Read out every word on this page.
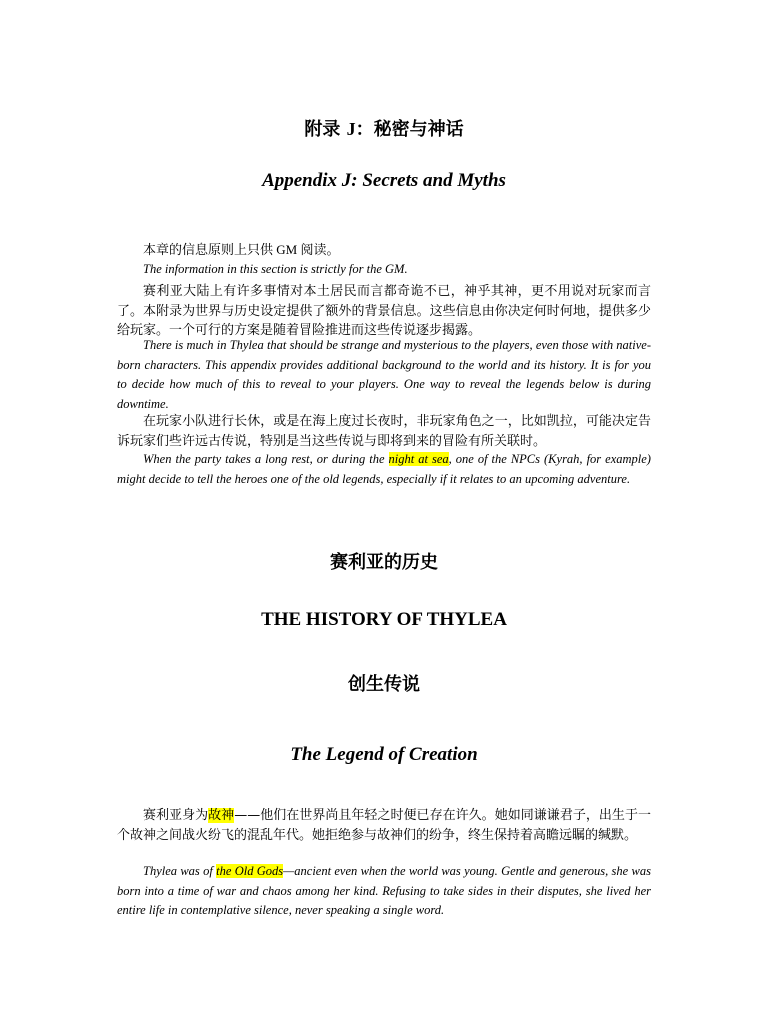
附录 J：秘密与神话
Appendix J: Secrets and Myths

本章的信息原则上只供 GM 阅读。

The information in this section is strictly for the GM.

赛利亚大陆上有许多事情对本土居民而言都奇诡不已，神乎其神，更不用说对玩家而言了。本附录为世界与历史设定提供了额外的背景信息。这些信息由你决定何时何地，提供多少给玩家。一个可行的方案是随着冒险推进而这些传说逐步揭露。

There is much in Thylea that should be strange and mysterious to the players, even those with native-born characters. This appendix provides additional background to the world and its history. It is for you to decide how much of this to reveal to your players. One way to reveal the legends below is during downtime.

在玩家小队进行长休，或是在海上度过长夜时，非玩家角色之一，比如凯拉，可能决定告诉玩家们些许远古传说，特别是当这些传说与即将到来的冒险有所关联时。

When the party takes a long rest, or during the night at sea, one of the NPCs (Kyrah, for example) might decide to tell the heroes one of the old legends, especially if it relates to an upcoming adventure.

赛利亚的历史
THE HISTORY OF THYLEA
创生传说
The Legend of Creation

赛利亚身为故神——他们在世界尚且年轻之时便已存在许久。她如同谦谦君子，出生于一个故神之间战火纷飞的混乱年代。她拒绝参与故神们的纷争，终生保持着高瞻远瞩的缄默。

Thylea was of the Old Gods—ancient even when the world was young. Gentle and generous, she was born into a time of war and chaos among her kind. Refusing to take sides in their disputes, she lived her entire life in contemplative silence, never speaking a single word.
